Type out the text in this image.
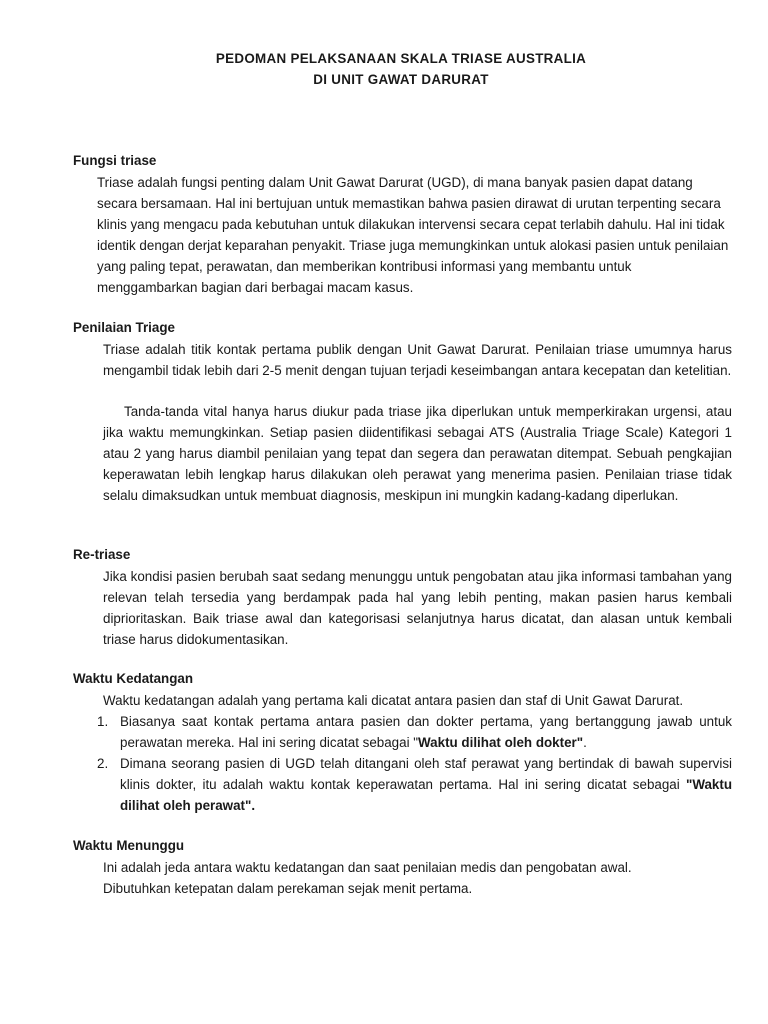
PEDOMAN PELAKSANAAN SKALA TRIASE AUSTRALIA
DI UNIT GAWAT DARURAT
Fungsi triase

Triase adalah fungsi penting dalam Unit Gawat Darurat (UGD), di mana banyak pasien dapat datang secara bersamaan. Hal ini bertujuan untuk memastikan bahwa pasien dirawat di urutan terpenting secara klinis yang mengacu pada kebutuhan untuk dilakukan intervensi secara cepat terlabih dahulu. Hal ini tidak identik dengan derjat keparahan penyakit. Triase juga memungkinkan untuk alokasi pasien untuk penilaian yang paling tepat, perawatan, dan memberikan kontribusi informasi yang membantu untuk menggambarkan bagian dari berbagai macam kasus.

Penilaian Triage

Triase adalah titik kontak pertama publik dengan Unit Gawat Darurat. Penilaian triase umumnya harus mengambil tidak lebih dari 2-5 menit dengan tujuan terjadi keseimbangan antara kecepatan dan ketelitian.

Tanda-tanda vital hanya harus diukur pada triase jika diperlukan untuk memperkirakan urgensi, atau jika waktu memungkinkan. Setiap pasien diidentifikasi sebagai ATS (Australia Triage Scale) Kategori 1 atau 2 yang harus diambil penilaian yang tepat dan segera dan perawatan ditempat. Sebuah pengkajian keperawatan lebih lengkap harus dilakukan oleh perawat yang menerima pasien. Penilaian triase tidak selalu dimaksudkan untuk membuat diagnosis, meskipun ini mungkin kadang-kadang diperlukan.

Re-triase

Jika kondisi pasien berubah saat sedang menunggu untuk pengobatan atau jika informasi tambahan yang relevan telah tersedia yang berdampak pada hal yang lebih penting, makan pasien harus kembali diprioritaskan. Baik triase awal dan kategorisasi selanjutnya harus dicatat, dan alasan untuk kembali triase harus didokumentasikan.

Waktu Kedatangan

Waktu kedatangan adalah yang pertama kali dicatat antara pasien dan staf di Unit Gawat Darurat.

1. Biasanya saat kontak pertama antara pasien dan dokter pertama, yang bertanggung jawab untuk perawatan mereka. Hal ini sering dicatat sebagai "Waktu dilihat oleh dokter".

2. Dimana seorang pasien di UGD telah ditangani oleh staf perawat yang bertindak di bawah supervisi klinis dokter, itu adalah waktu kontak keperawatan pertama. Hal ini sering dicatat sebagai "Waktu dilihat oleh perawat".

Waktu Menunggu

Ini adalah jeda antara waktu kedatangan dan saat penilaian medis dan pengobatan awal.

Dibutuhkan ketepatan dalam perekaman sejak menit pertama.
